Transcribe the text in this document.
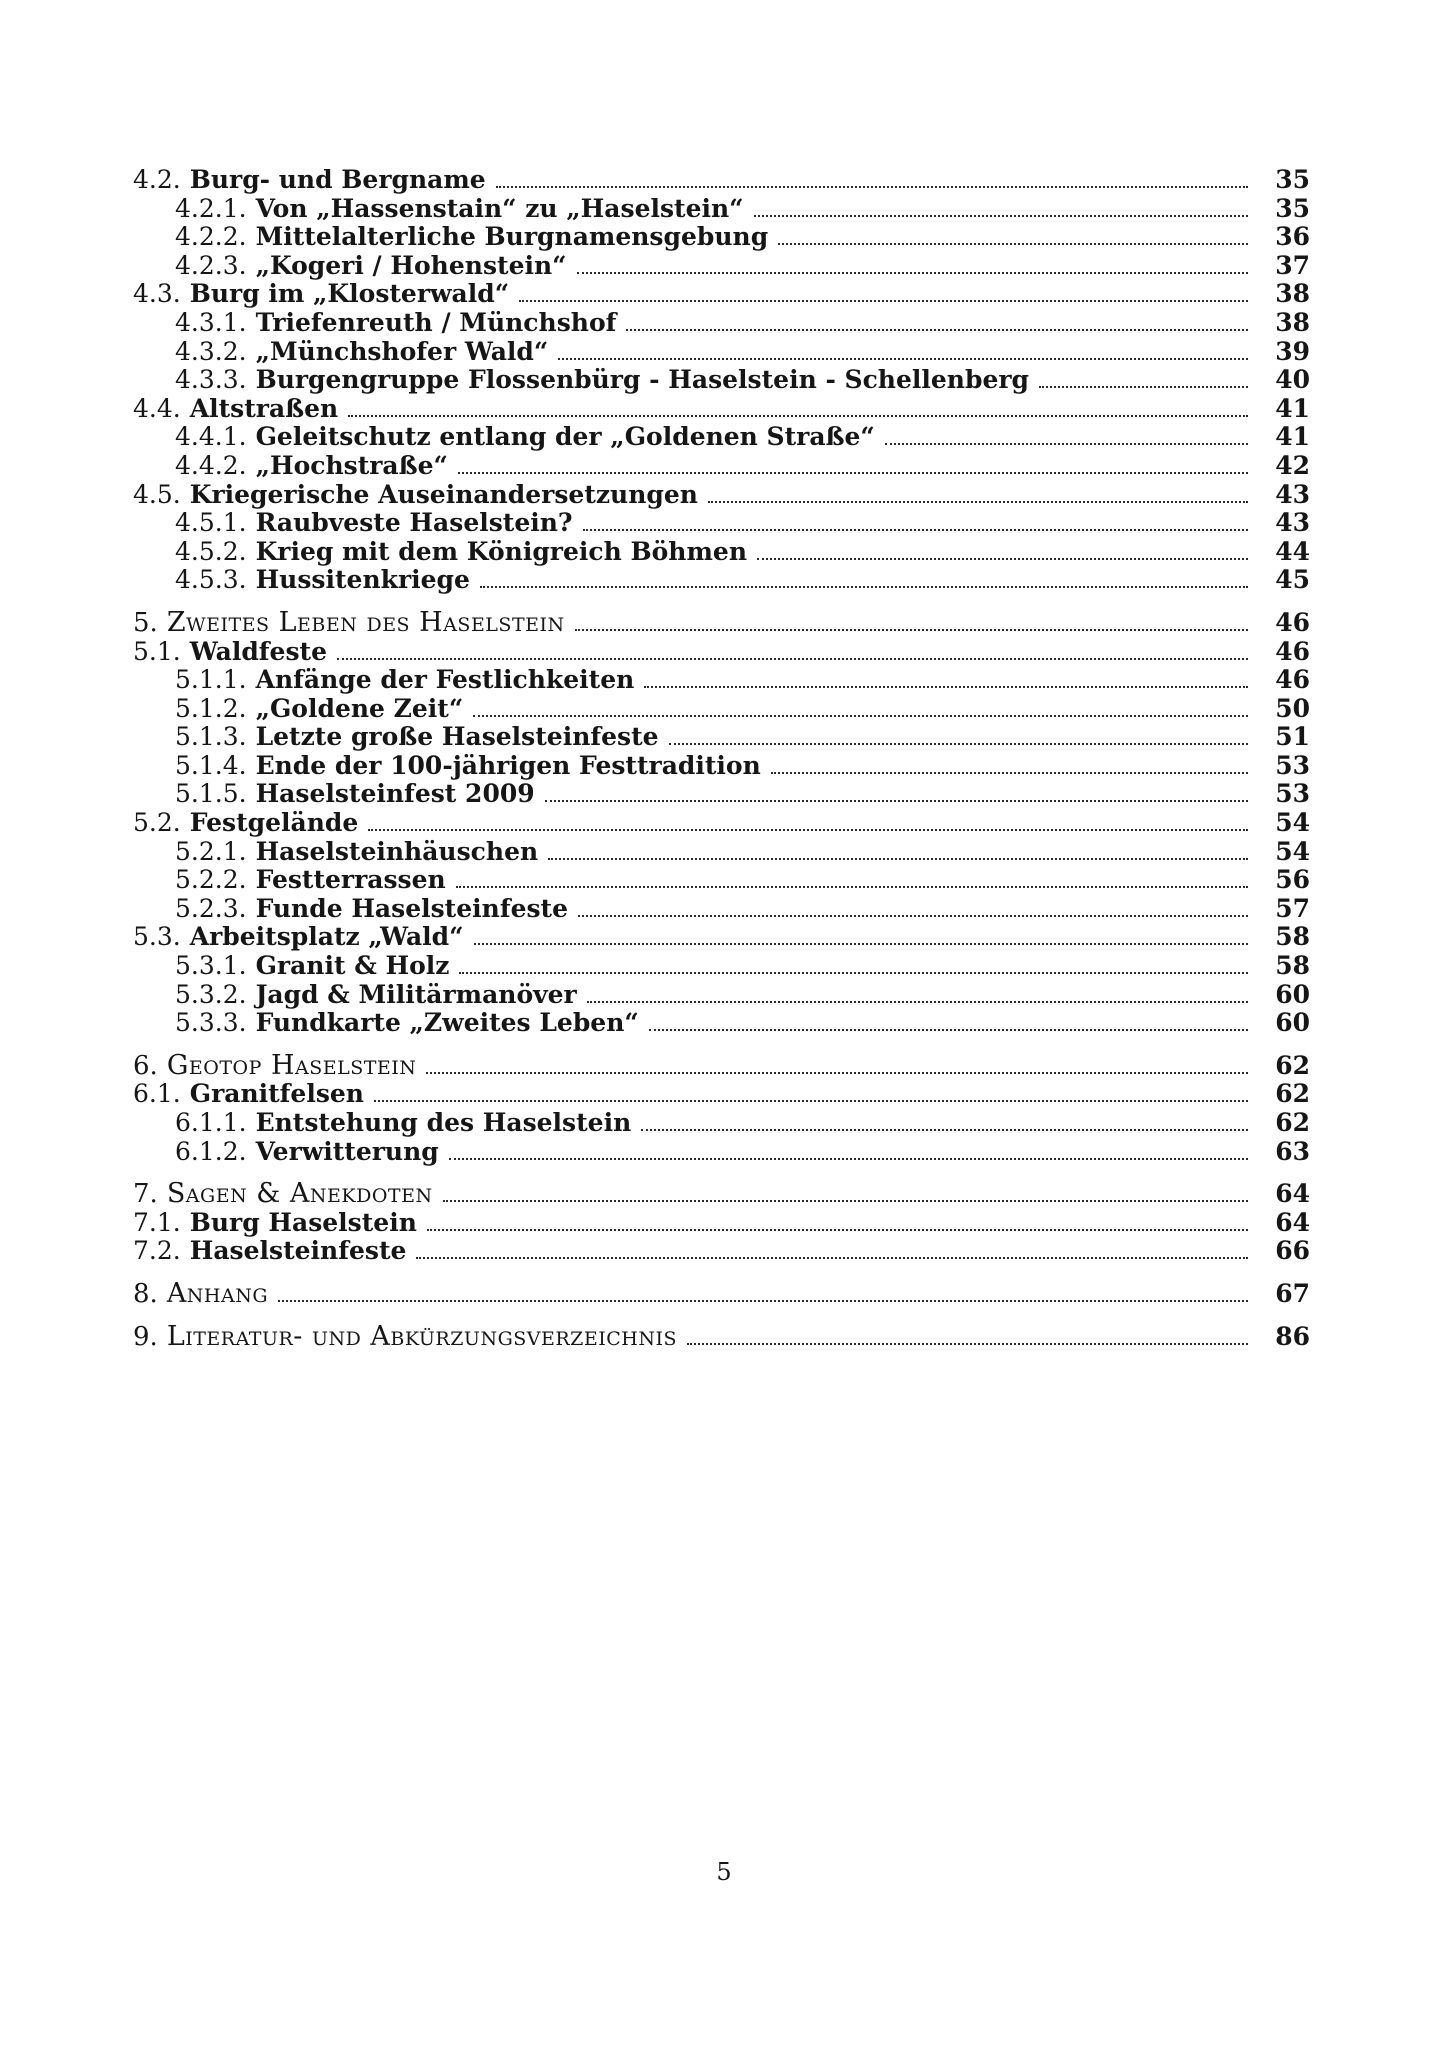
4.2. Burg- und Bergname	35
4.2.1. Von „Hassenstain“ zu „Haselstein“	35
4.2.2. Mittelalterliche Burgnamensgebung	36
4.2.3. „Kogeri / Hohenstein“	37
4.3. Burg im „Klosterwald“	38
4.3.1. Triefenreuth / Münchshof	38
4.3.2. „Münchshofer Wald“	39
4.3.3. Burgengruppe Flossenbürg - Haselstein - Schellenberg	40
4.4. Altstraßen	41
4.4.1. Geleitschutz entlang der „Goldenen Straße“	41
4.4.2. „Hochstraße“	42
4.5. Kriegerische Auseinandersetzungen	43
4.5.1. Raubveste Haselstein?	43
4.5.2. Krieg mit dem Königreich Böhmen	44
4.5.3. Hussitenkriege	45
5. Zweites Leben des Haselstein	46
5.1. Waldfeste	46
5.1.1. Anfänge der Festlichkeiten	46
5.1.2. „Goldene Zeit“	50
5.1.3. Letzte große Haselsteinfeste	51
5.1.4. Ende der 100-jährigen Festtradition	53
5.1.5. Haselsteinfest 2009	53
5.2. Festgelände	54
5.2.1. Haselsteinhäuschen	54
5.2.2. Festterrassen	56
5.2.3. Funde Haselsteinfeste	57
5.3. Arbeitsplatz „Wald“	58
5.3.1. Granit & Holz	58
5.3.2. Jagd & Militärmanöver	60
5.3.3. Fundkarte „Zweites Leben“	60
6. Geotop Haselstein	62
6.1. Granitfelsen	62
6.1.1. Entstehung des Haselstein	62
6.1.2. Verwitterung	63
7. Sagen & Anekdoten	64
7.1. Burg Haselstein	64
7.2. Haselsteinfeste	66
8. Anhang	67
9. Literatur- und Abkürzungsverzeichnis	86
5
